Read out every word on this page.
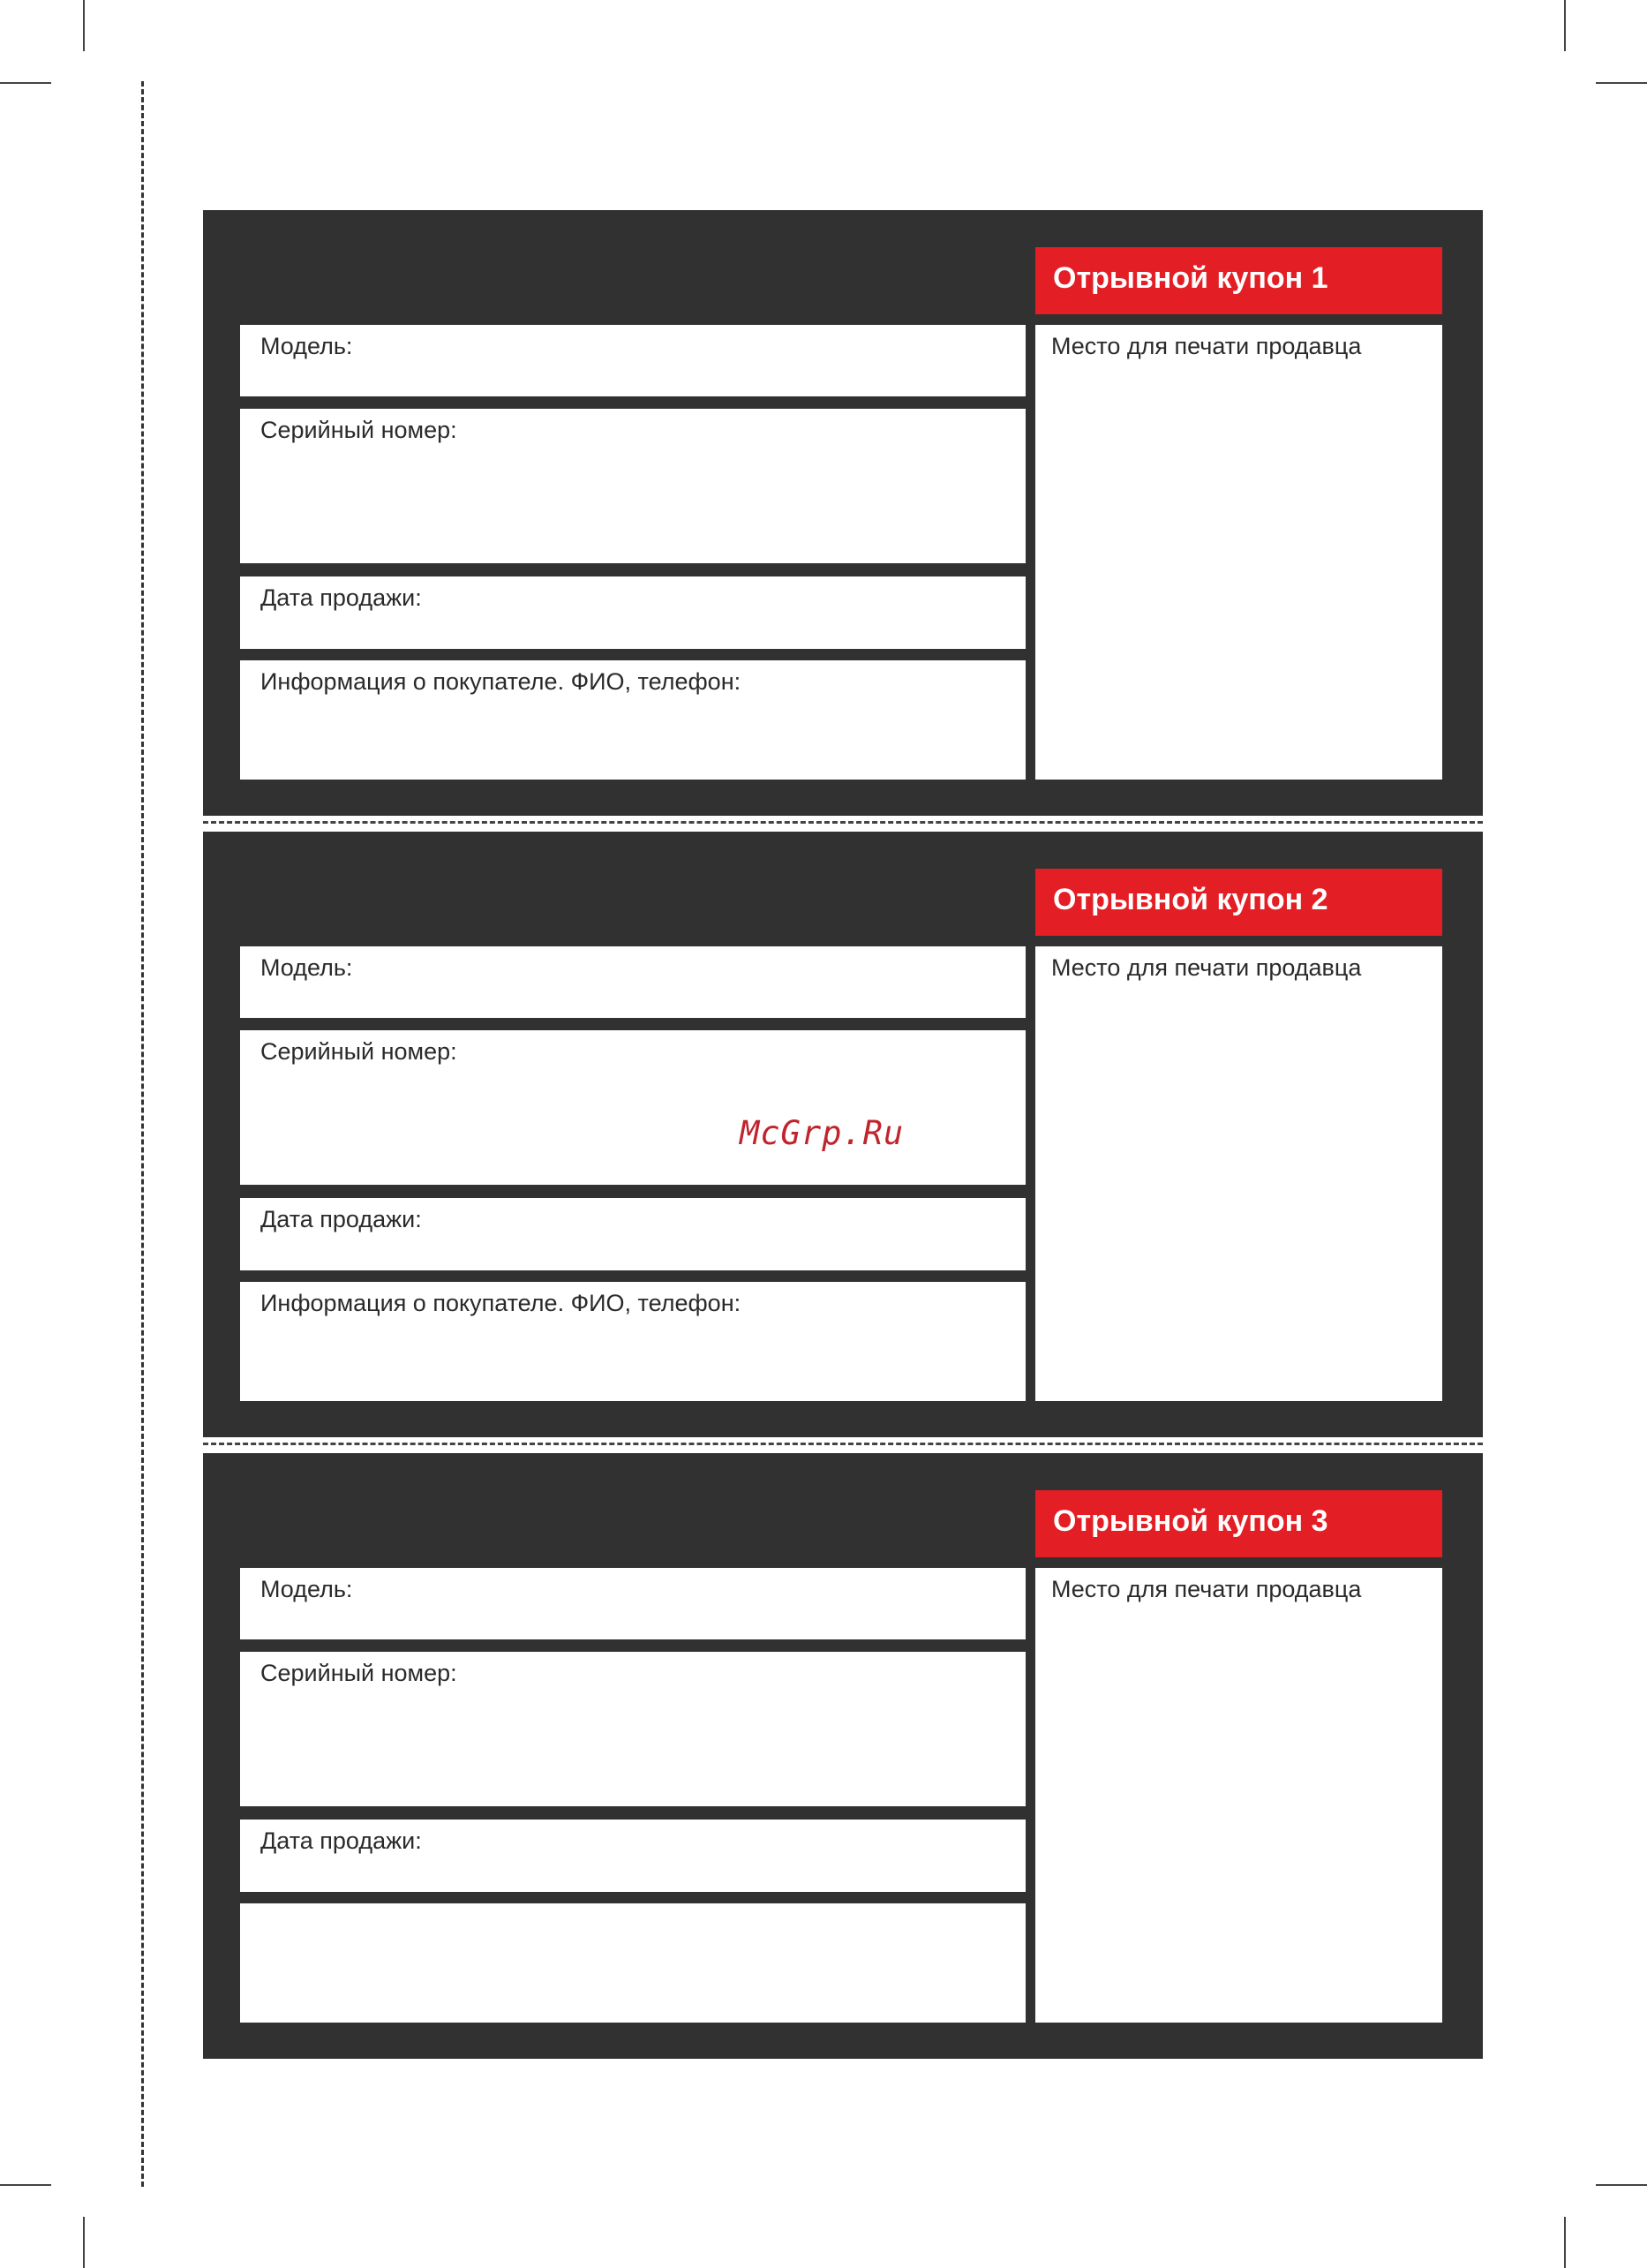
Отрывной купон 1
Модель:
Серийный номер:
Дата продажи:
Информация о покупателе. ФИО, телефон:
Место для печати продавца
Отрывной купон 2
Модель:
Серийный номер:
Дата продажи:
Информация о покупателе. ФИО, телефон:
Место для печати продавца
Отрывной купон 3
Модель:
Серийный номер:
Дата продажи:
Место для печати продавца
McGrp.Ru
